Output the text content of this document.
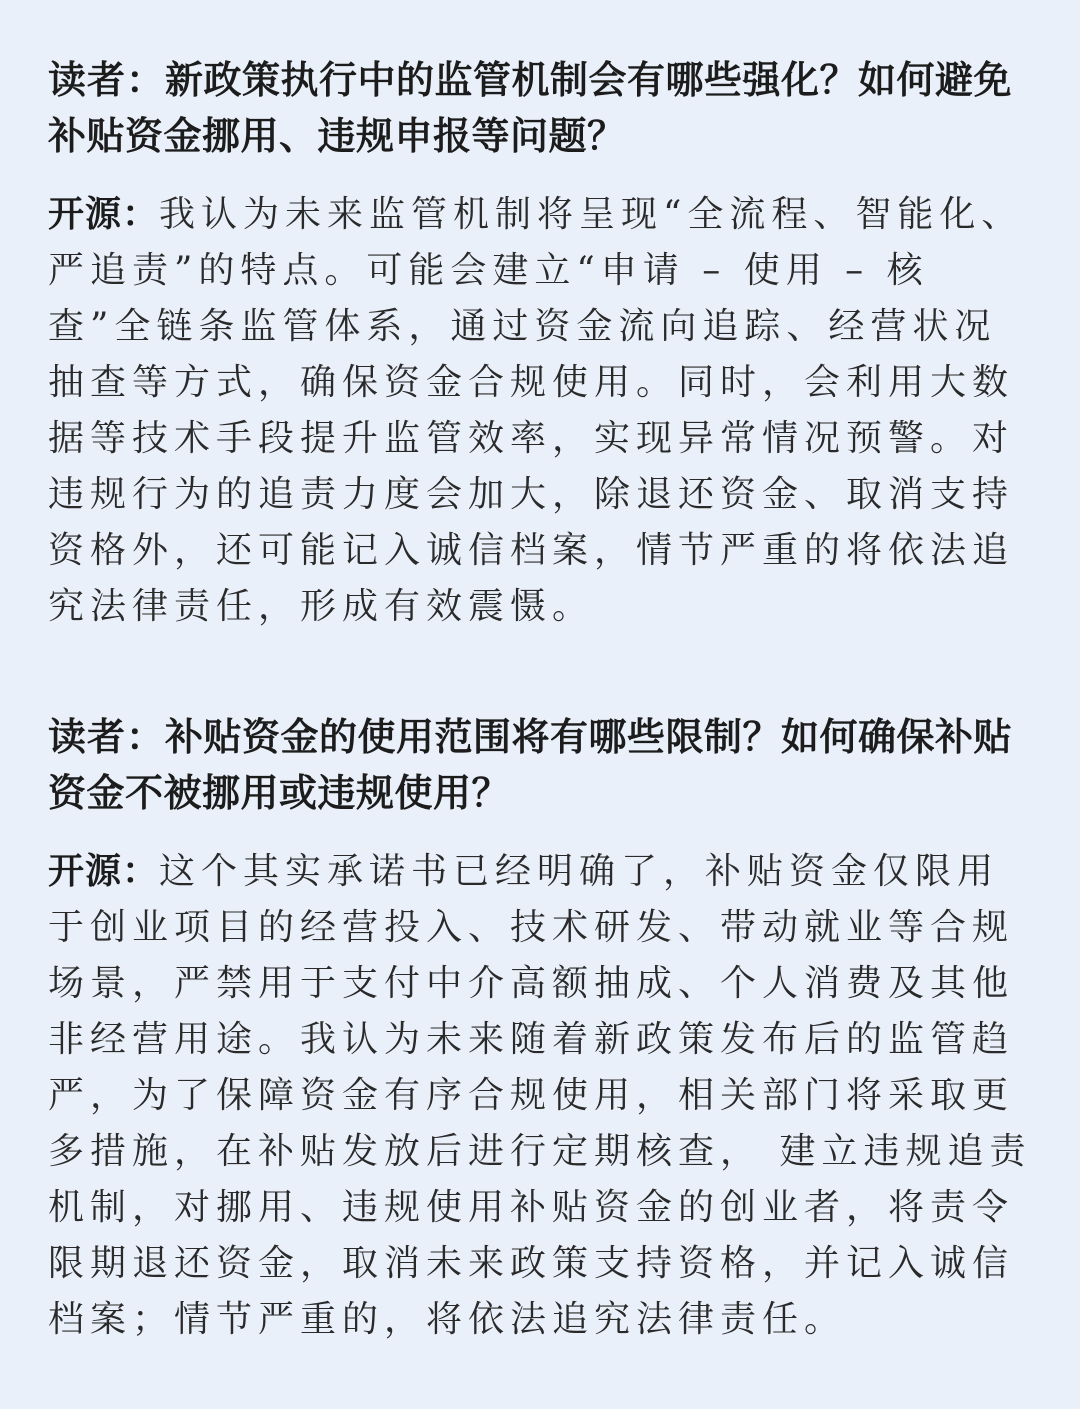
读者：新政策执行中的监管机制会有哪些强化？如何避免补贴资金挪用、违规申报等问题？

开源：我认为未来监管机制将呈现“全流程、智能化、严追责”的特点。可能会建立“申请 – 使用 – 核查”全链条监管体系，通过资金流向追踪、经营状况抽查等方式，确保资金合规使用。同时，会利用大数据等技术手段提升监管效率，实现异常情况预警。对违规行为的追责力度会加大，除退还资金、取消支持资格外，还可能记入诚信档案，情节严重的将依法追究法律责任，形成有效震慑。

读者：补贴资金的使用范围将有哪些限制？如何确保补贴资金不被挪用或违规使用？

开源：这个其实承诺书已经明确了，补贴资金仅限用于创业项目的经营投入、技术研发、带动就业等合规场景，严禁用于支付中介高额抽成、个人消费及其他非经营用途。我认为未来随着新政策发布后的监管趋严，为了保障资金有序合规使用，相关部门将采取更多措施，在补贴发放后进行定期核查， 建立违规追责机制，对挪用、违规使用补贴资金的创业者，将责令限期退还资金，取消未来政策支持资格，并记入诚信档案；情节严重的，将依法追究法律责任。
